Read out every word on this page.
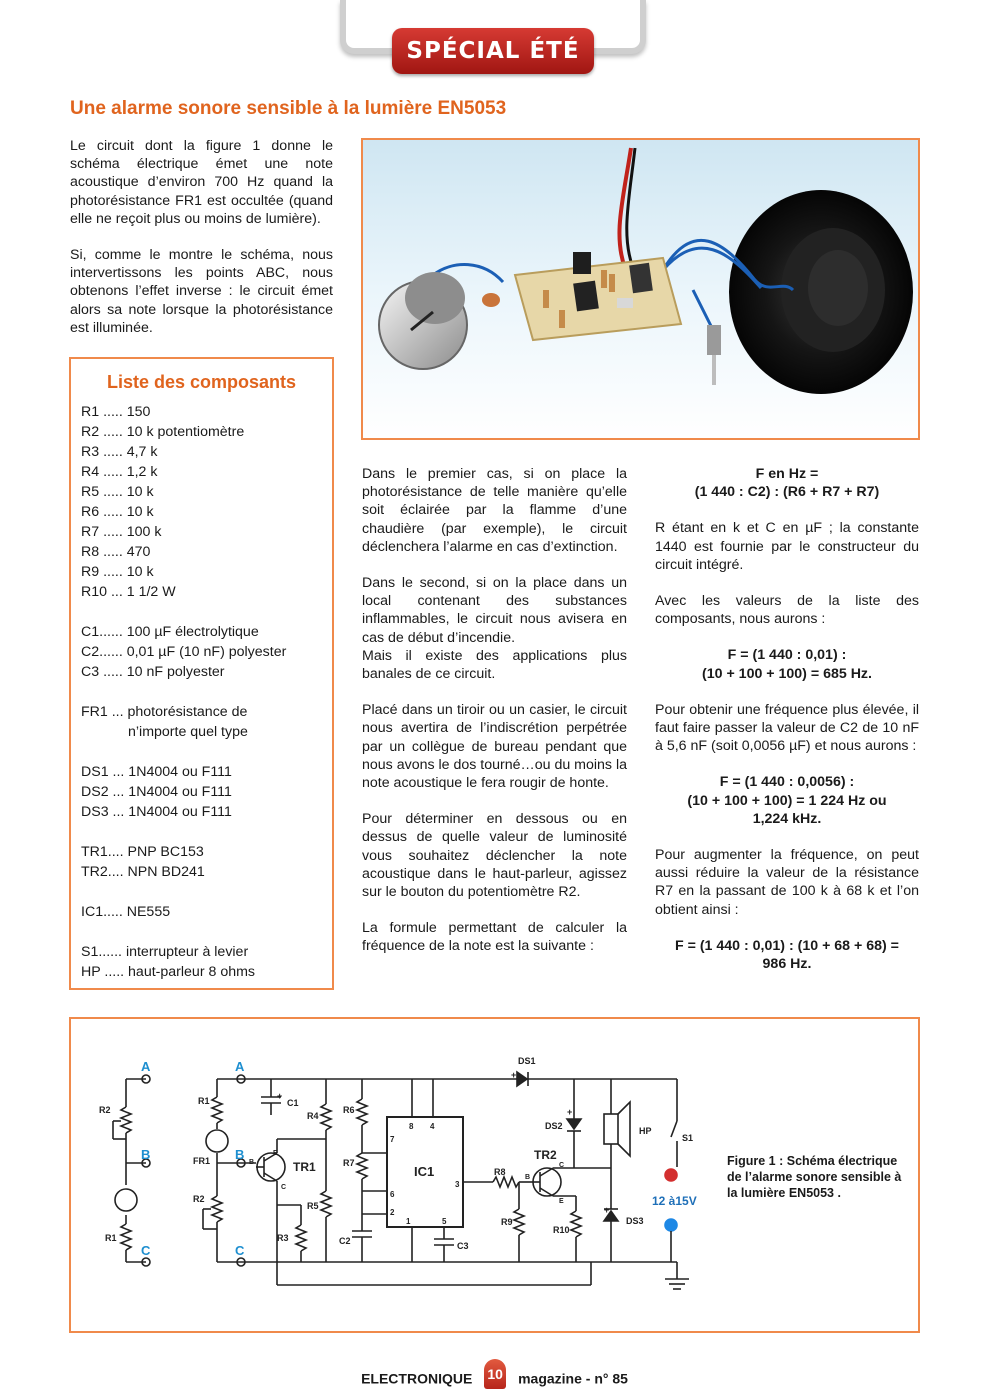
SPÉCIAL ÉTÉ
Une alarme sonore sensible à la lumière EN5053

Le circuit dont la figure 1 donne le schéma électrique émet une note acoustique d’environ 700 Hz quand la photorésistance FR1 est occultée (quand elle ne reçoit plus ou moins de lumière).

Si, comme le montre le schéma, nous intervertissons les points ABC, nous obtenons l’effet inverse : le circuit émet alors sa note lorsque la photorésistance est illuminée.

Liste des composants
R1 ..... 150
R2 ..... 10 k potentiomètre
R3 ..... 4,7 k
R4 ..... 1,2 k
R5 ..... 10 k
R6 ..... 10 k
R7 ..... 100 k
R8 ..... 470
R9 ..... 10 k
R10 ... 1 1/2 W
C1...... 100 µF électrolytique
C2...... 0,01 µF (10 nF) polyester
C3 ..... 10 nF polyester
FR1 ... photorésistance de
n’importe quel type
DS1 ... 1N4004 ou F111
DS2 ... 1N4004 ou F111
DS3 ... 1N4004 ou F111
TR1.... PNP BC153
TR2.... NPN BD241
IC1..... NE555
S1...... interrupteur à levier
HP ..... haut-parleur 8 ohms

Dans le premier cas, si on place la photorésistance de telle manière qu’elle soit éclairée par la flamme d’une chaudière (par exemple), le circuit déclenchera l’alarme en cas d’extinction.

Dans le second, si on la place dans un local contenant des substances inflammables, le circuit nous avisera en cas de début d’incendie.

Mais il existe des applications plus banales de ce circuit.

Placé dans un tiroir ou un casier, le circuit nous avertira de l’indiscrétion perpétrée par un collègue de bureau pendant que nous avons le dos tourné…ou du moins la note acoustique le fera rougir de honte.

Pour déterminer en dessous ou en dessus de quelle valeur de luminosité vous souhaitez déclencher la note acoustique dans le haut-parleur, agissez sur le bouton du potentiomètre R2.

La formule permettant de calculer la fréquence de la note est la suivante :

F en Hz =
(1 440 : C2) : (R6 + R7 + R7)

R étant en k et C en µF ; la constante 1440 est fournie par le constructeur du circuit intégré.

Avec les valeurs de la liste des composants, nous aurons :

F = (1 440 : 0,01) :
(10 + 100 + 100) = 685 Hz.

Pour obtenir une fréquence plus élevée, il faut faire passer la valeur de C2 de 10 nF à 5,6 nF (soit 0,0056 µF) et nous aurons :

F = (1 440 : 0,0056) :
(10 + 100 + 100) = 1 224 Hz ou
1,224 kHz.

Pour augmenter la fréquence, on peut aussi réduire la valeur de la résistance R7 en la passant de 100 k à 68 k et l’on obtient ainsi :

F = (1 440 : 0,01) : (10 + 68 + 68) =
986 Hz.
R2
R1
R1
FR1
R2
C1
+
R4
R5
R3
R6
R7
C2	C3
R8
R9
R10
DS1
+
DS2
+
DS3
+
HP
S1
E
B
C
C
B
E
8 4
7
6
2
1	5
3
IC1
TR1
TR2
12 à15V
A
B
C
A
B
C
Figure 1 : Schéma électrique de l’alarme sonore sensible à la lumière EN5053 .
ELECTRONIQUE 10 magazine - n° 85
